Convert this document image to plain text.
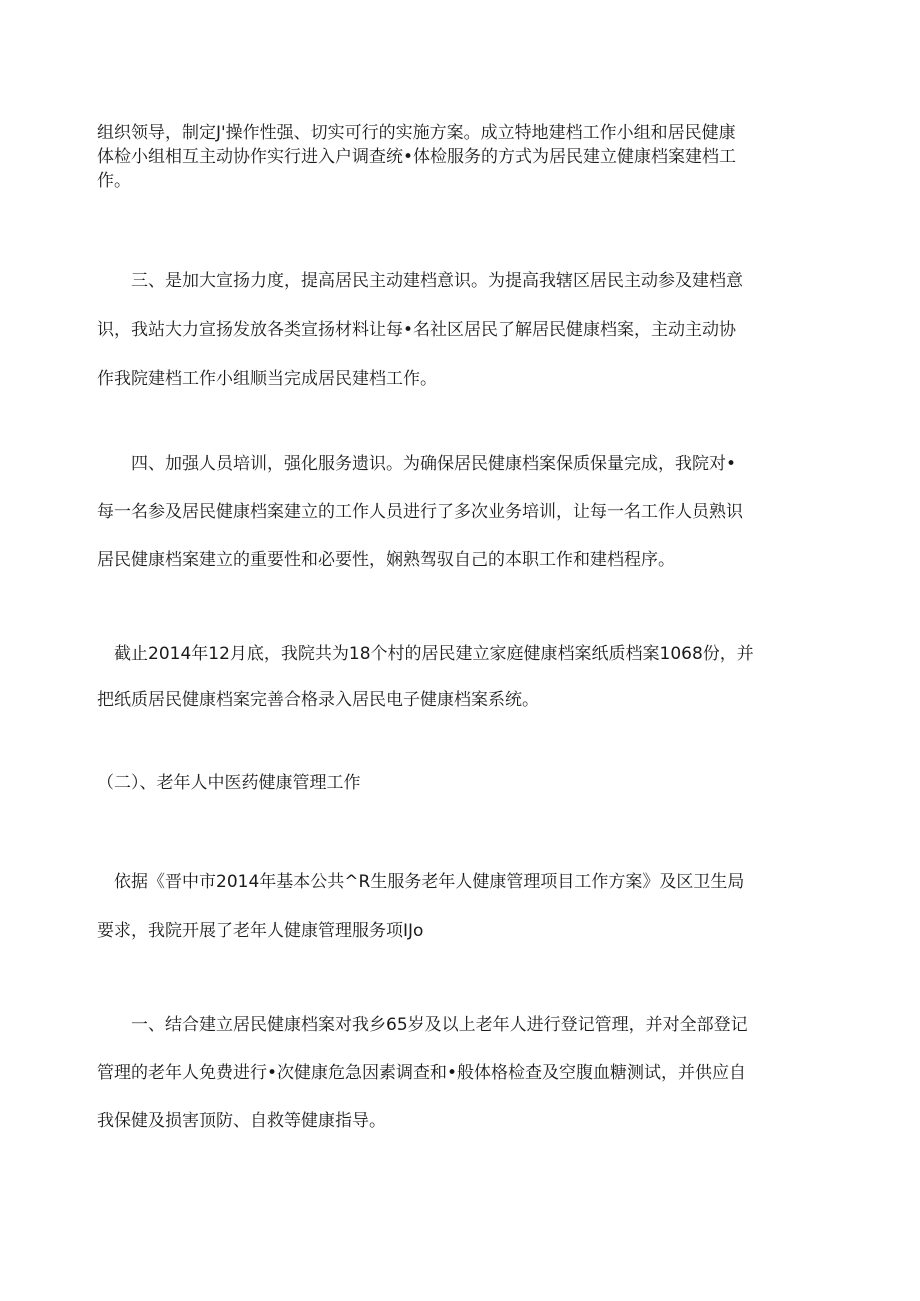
组织领导，制定J'操作性强、切实可行的实施方案。成立特地建档工作小组和居民健康
体检小组相互主动协作实行进入户调查统•体检服务的方式为居民建立健康档案建档工
作。

　　三、是加大宣扬力度，提高居民主动建档意识。为提高我辖区居民主动参及建档意
识，我站大力宣扬发放各类宣扬材料让每•名社区居民了解居民健康档案，主动主动协
作我院建档工作小组顺当完成居民建档工作。

　　四、加强人员培训，强化服务遗识。为确保居民健康档案保质保量完成，我院对•
每一名参及居民健康档案建立的工作人员进行了多次业务培训，让每一名工作人员熟识
居民健康档案建立的重要性和必要性，娴熟驾驭自己的本职工作和建档程序。

　截止2014年12月底，我院共为18个村的居民建立家庭健康档案纸质档案1068份，并
把纸质居民健康档案完善合格录入居民电子健康档案系统。

（二）、老年人中医药健康管理工作

　依据《晋中市2014年基本公共^R生服务老年人健康管理项目工作方案》及区卫生局
要求，我院开展了老年人健康管理服务项IJo

　　一、结合建立居民健康档案对我乡65岁及以上老年人进行登记管理，并对全部登记
管理的老年人免费进行•次健康危急因素调查和•般体格检查及空腹血糖测试，并供应自
我保健及损害顶防、自救等健康指导。
